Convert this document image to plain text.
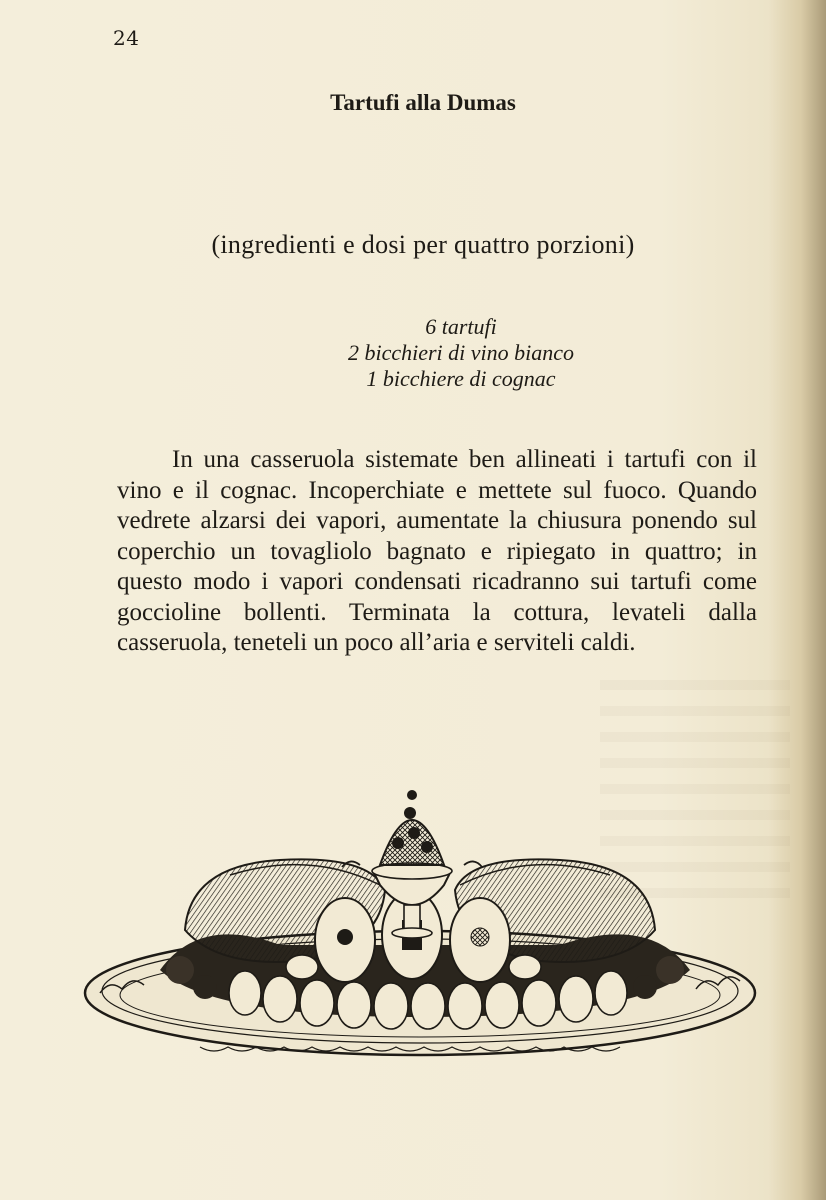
24
Tartufi alla Dumas
(ingredienti e dosi per quattro porzioni)
6 tartufi
2 bicchieri di vino bianco
1 bicchiere di cognac
In una casseruola sistemate ben allineati i tartufi con il vino e il cognac. Incoperchiate e mettete sul fuoco. Quando vedrete alzarsi dei vapori, aumentate la chiusura ponendo sul coperchio un tovagliolo bagnato e ripiegato in quattro; in questo modo i vapori condensati ricadranno sui tartufi come goccioline bollenti. Terminata la cottura, levateli dalla casseruola, teneteli un poco all’aria e serviteli caldi.
